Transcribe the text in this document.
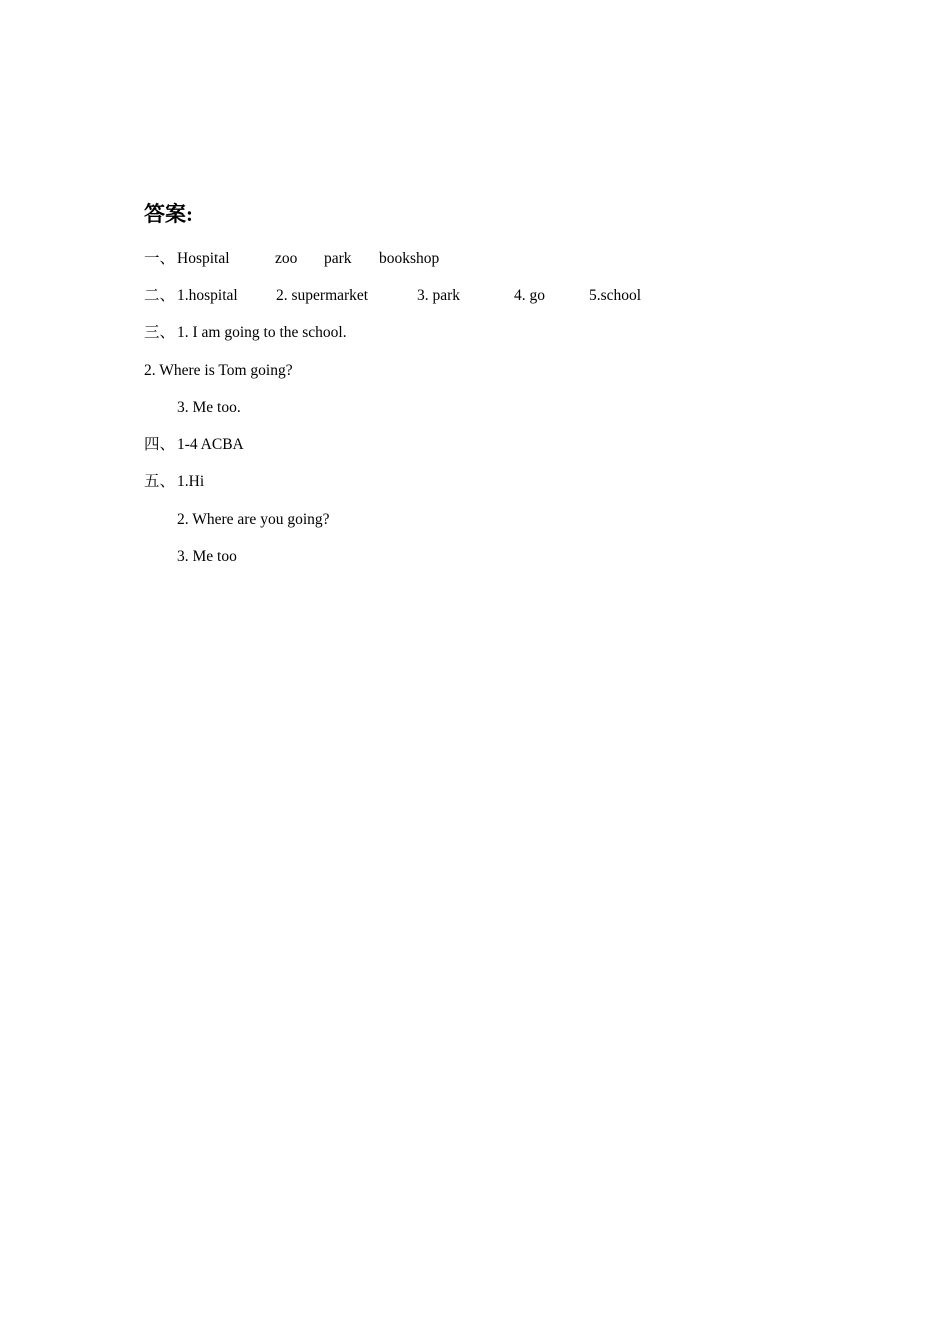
答案:
一、 Hospital	zoo park bookshop
二、 1.hospital 2. supermarket	3. park	4. go	5.school
三、 1. I am going to the school.
2. Where is Tom going?
3. Me too.
四、 1-4 ACBA
五、 1.Hi
2. Where are you going?
3. Me too
